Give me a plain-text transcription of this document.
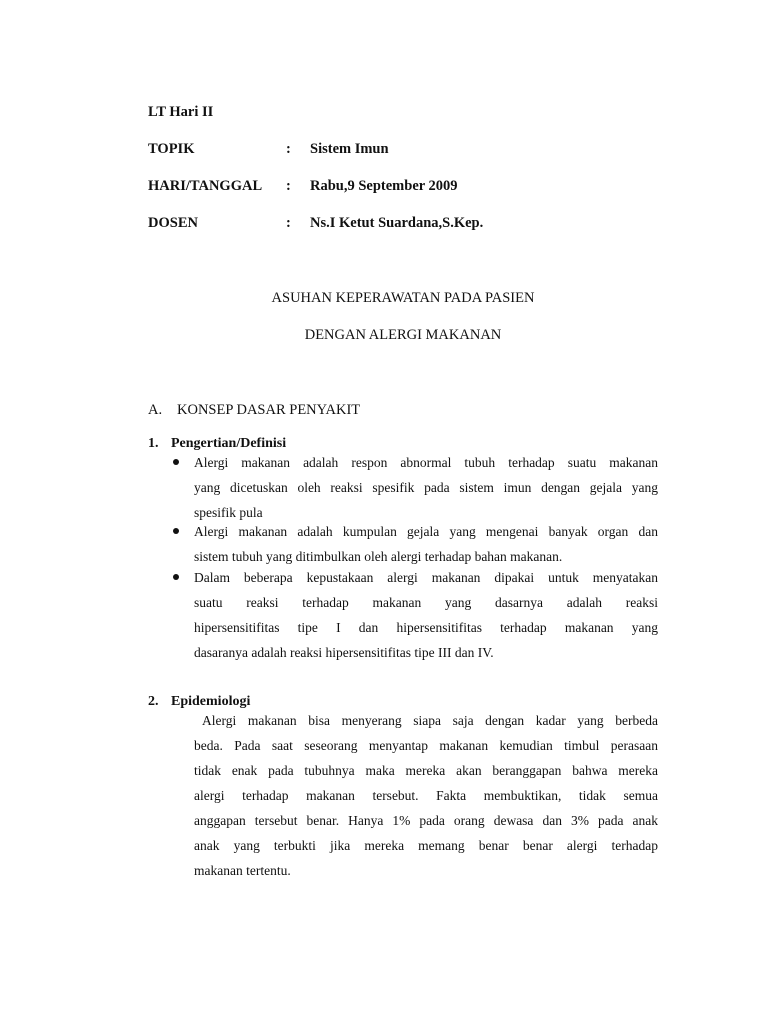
LT Hari II
TOPIK	: Sistem Imun
HARI/TANGGAL : Rabu,9 September 2009
DOSEN	: Ns.I Ketut Suardana,S.Kep.
ASUHAN KEPERAWATAN PADA PASIEN
DENGAN ALERGI MAKANAN
A. KONSEP DASAR PENYAKIT
1. Pengertian/Definisi
Alergi makanan adalah respon abnormal tubuh terhadap suatu makanan
yang dicetuskan oleh reaksi spesifik pada sistem imun dengan gejala yang
spesifik pula
Alergi makanan adalah kumpulan gejala yang mengenai banyak organ dan
sistem tubuh yang ditimbulkan oleh alergi terhadap bahan makanan.
Dalam beberapa kepustakaan alergi makanan dipakai untuk menyatakan
suatu reaksi terhadap makanan yang dasarnya adalah reaksi
hipersensitifitas tipe I dan hipersensitifitas terhadap makanan yang
dasaranya adalah reaksi hipersensitifitas tipe III dan IV.
2. Epidemiologi
Alergi makanan bisa menyerang siapa saja dengan kadar yang berbeda
beda. Pada saat seseorang menyantap makanan kemudian timbul perasaan
tidak enak pada tubuhnya maka mereka akan beranggapan bahwa mereka
alergi terhadap makanan tersebut. Fakta membuktikan, tidak semua
anggapan tersebut benar. Hanya 1% pada orang dewasa dan 3% pada anak
anak yang terbukti jika mereka memang benar benar alergi terhadap
makanan tertentu.
